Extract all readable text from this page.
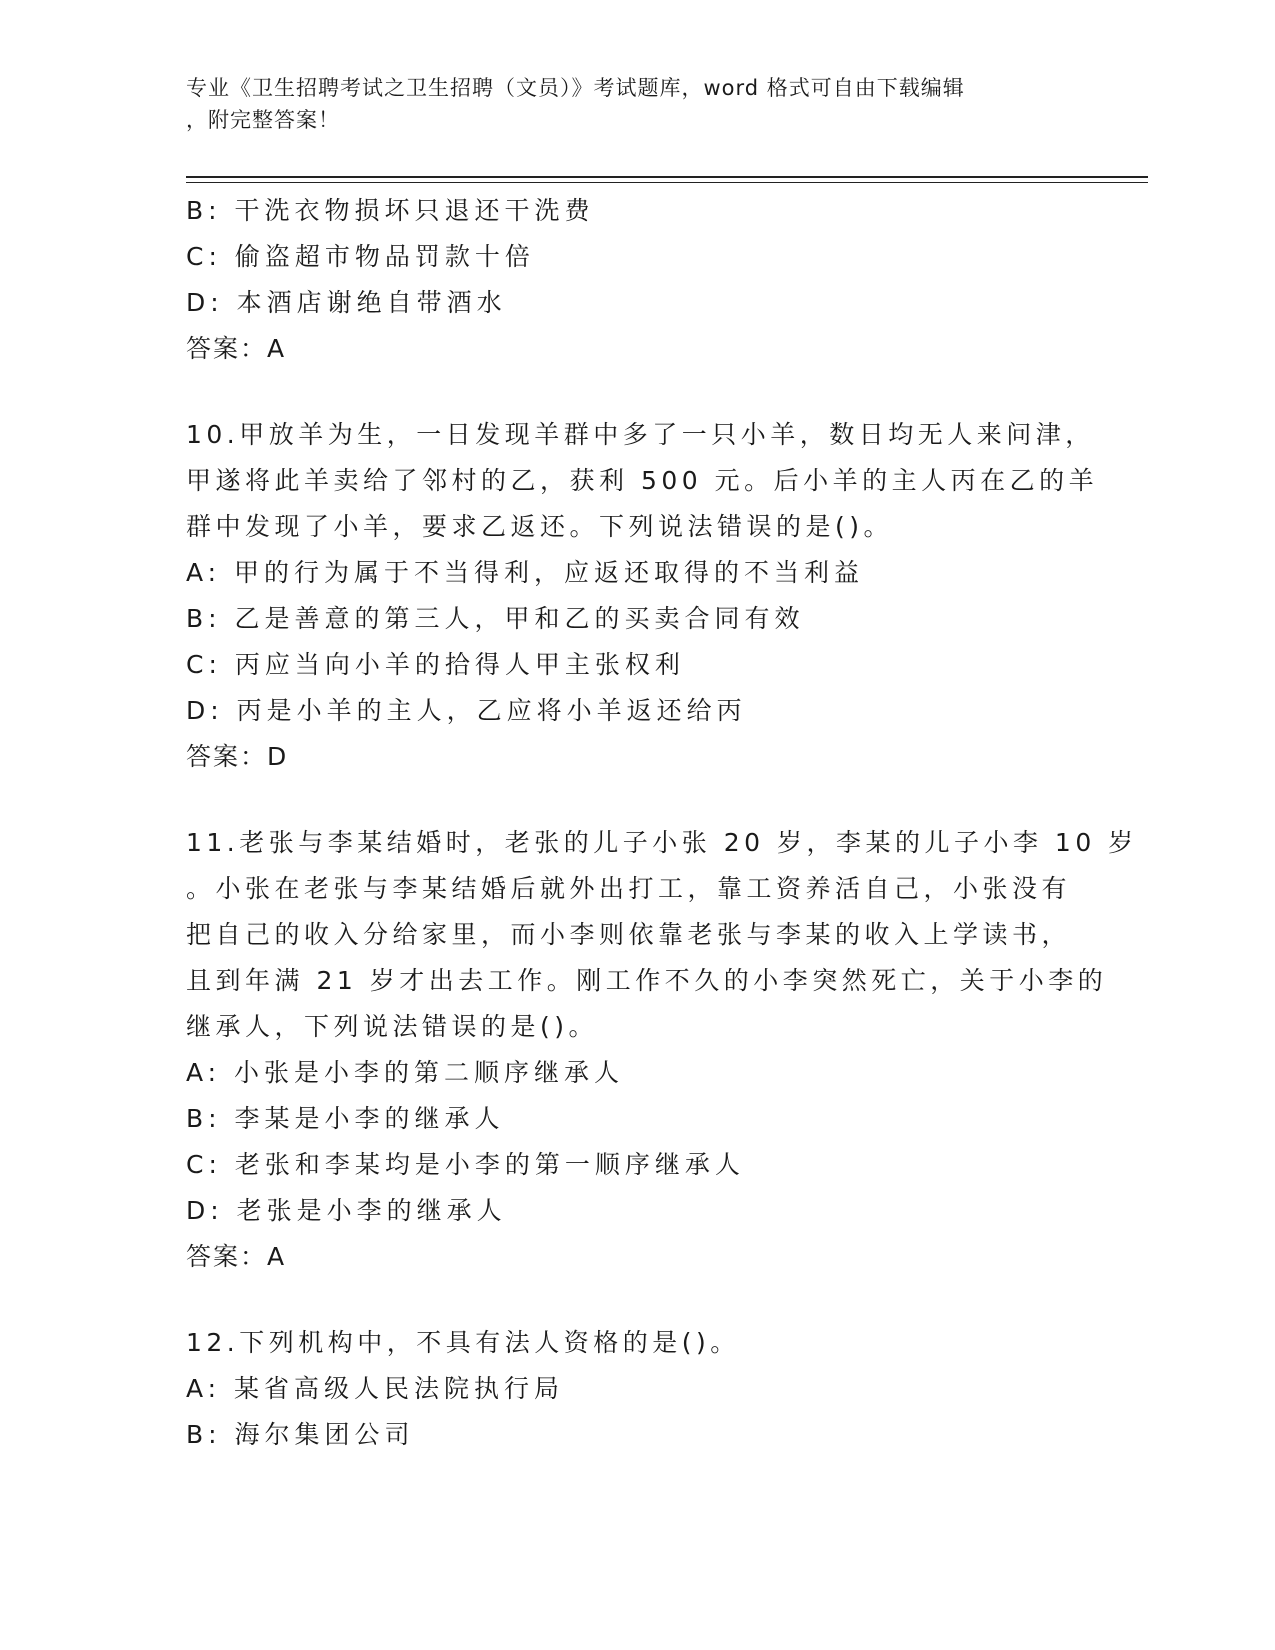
专业《卫生招聘考试之卫生招聘（文员）》考试题库，word 格式可自由下载编辑
，附完整答案！
B: 干洗衣物损坏只退还干洗费
C: 偷盗超市物品罚款十倍
D: 本酒店谢绝自带酒水
答案：A
10.甲放羊为生，一日发现羊群中多了一只小羊，数日均无人来问津，
甲遂将此羊卖给了邻村的乙，获利 500 元。后小羊的主人丙在乙的羊
群中发现了小羊，要求乙返还。下列说法错误的是()。
A: 甲的行为属于不当得利，应返还取得的不当利益
B: 乙是善意的第三人，甲和乙的买卖合同有效
C: 丙应当向小羊的拾得人甲主张权利
D: 丙是小羊的主人，乙应将小羊返还给丙
答案：D
11.老张与李某结婚时，老张的儿子小张 20 岁，李某的儿子小李 10 岁
。小张在老张与李某结婚后就外出打工，靠工资养活自己，小张没有
把自己的收入分给家里，而小李则依靠老张与李某的收入上学读书，
且到年满 21 岁才出去工作。刚工作不久的小李突然死亡，关于小李的
继承人，下列说法错误的是()。
A: 小张是小李的第二顺序继承人
B: 李某是小李的继承人
C: 老张和李某均是小李的第一顺序继承人
D: 老张是小李的继承人
答案：A
12.下列机构中，不具有法人资格的是()。
A: 某省高级人民法院执行局
B: 海尔集团公司
